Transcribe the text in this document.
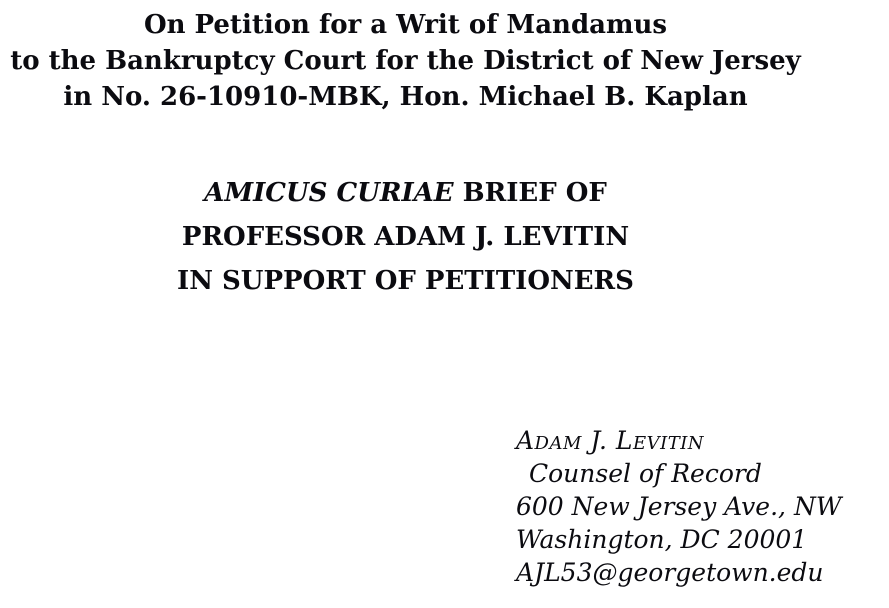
On Petition for a Writ of Mandamus
to the Bankruptcy Court for the District of New Jersey
in No. 26-10910-MBK, Hon. Michael B. Kaplan
AMICUS CURIAE BRIEF OF
PROFESSOR ADAM J. LEVITIN
IN SUPPORT OF PETITIONERS
Adam J. Levitin
Counsel of Record
600 New Jersey Ave., NW
Washington, DC 20001
AJL53@georgetown.edu
